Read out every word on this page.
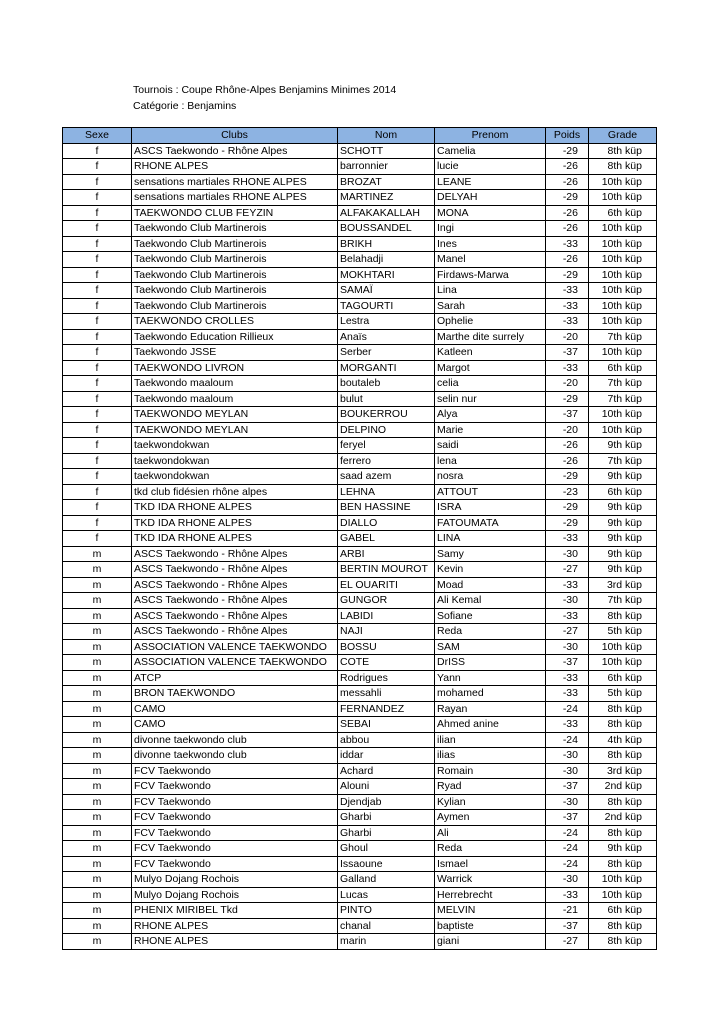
Tournois : Coupe Rhône-Alpes Benjamins Minimes 2014
Catégorie : Benjamins
Sexe	Clubs	Nom	Prenom	Poids	Grade
f	ASCS Taekwondo - Rhône Alpes	SCHOTT	Camelia	-29	8th küp
f	RHONE ALPES	barronnier	lucie	-26	8th küp
f	sensations martiales RHONE ALPES	BROZAT	LEANE	-26	10th küp
f	sensations martiales RHONE ALPES	MARTINEZ	DELYAH	-29	10th küp
f	TAEKWONDO CLUB FEYZIN	ALFAKAKALLAH	MONA	-26	6th küp
f	Taekwondo Club Martinerois	BOUSSANDEL	Ingi	-26	10th küp
f	Taekwondo Club Martinerois	BRIKH	Ines	-33	10th küp
f	Taekwondo Club Martinerois	Belahadji	Manel	-26	10th küp
f	Taekwondo Club Martinerois	MOKHTARI	Firdaws-Marwa	-29	10th küp
f	Taekwondo Club Martinerois	SAMAÏ	Lina	-33	10th küp
f	Taekwondo Club Martinerois	TAGOURTI	Sarah	-33	10th küp
f	TAEKWONDO CROLLES	Lestra	Ophelie	-33	10th küp
f	Taekwondo Education Rillieux	Anaïs	Marthe dite surrely	-20	7th küp
f	Taekwondo JSSE	Serber	Katleen	-37	10th küp
f	TAEKWONDO LIVRON	MORGANTI	Margot	-33	6th küp
f	Taekwondo maaloum	boutaleb	celia	-20	7th küp
f	Taekwondo maaloum	bulut	selin nur	-29	7th küp
f	TAEKWONDO MEYLAN	BOUKERROU	Alya	-37	10th küp
f	TAEKWONDO MEYLAN	DELPINO	Marie	-20	10th küp
f	taekwondokwan	feryel	saidi	-26	9th küp
f	taekwondokwan	ferrero	lena	-26	7th küp
f	taekwondokwan	saad azem	nosra	-29	9th küp
f	tkd club fidésien rhône alpes	LEHNA	ATTOUT	-23	6th küp
f	TKD IDA RHONE ALPES	BEN HASSINE	ISRA	-29	9th küp
f	TKD IDA RHONE ALPES	DIALLO	FATOUMATA	-29	9th küp
f	TKD IDA RHONE ALPES	GABEL	LINA	-33	9th küp
m	ASCS Taekwondo - Rhône Alpes	ARBI	Samy	-30	9th küp
m	ASCS Taekwondo - Rhône Alpes	BERTIN MOUROT	Kevin	-27	9th küp
m	ASCS Taekwondo - Rhône Alpes	EL OUARITI	Moad	-33	3rd küp
m	ASCS Taekwondo - Rhône Alpes	GUNGOR	Ali Kemal	-30	7th küp
m	ASCS Taekwondo - Rhône Alpes	LABIDI	Sofiane	-33	8th küp
m	ASCS Taekwondo - Rhône Alpes	NAJI	Reda	-27	5th küp
m	ASSOCIATION VALENCE TAEKWONDO	BOSSU	SAM	-30	10th küp
m	ASSOCIATION VALENCE TAEKWONDO	COTE	DrISS	-37	10th küp
m	ATCP	Rodrigues	Yann	-33	6th küp
m	BRON TAEKWONDO	messahli	mohamed	-33	5th küp
m	CAMO	FERNANDEZ	Rayan	-24	8th küp
m	CAMO	SEBAI	Ahmed anine	-33	8th küp
m	divonne taekwondo club	abbou	ilian	-24	4th küp
m	divonne taekwondo club	iddar	ilias	-30	8th küp
m	FCV Taekwondo	Achard	Romain	-30	3rd küp
m	FCV Taekwondo	Alouni	Ryad	-37	2nd küp
m	FCV Taekwondo	Djendjab	Kylian	-30	8th küp
m	FCV Taekwondo	Gharbi	Aymen	-37	2nd küp
m	FCV Taekwondo	Gharbi	Ali	-24	8th küp
m	FCV Taekwondo	Ghoul	Reda	-24	9th küp
m	FCV Taekwondo	Issaoune	Ismael	-24	8th küp
m	Mulyo Dojang Rochois	Galland	Warrick	-30	10th küp
m	Mulyo Dojang Rochois	Lucas	Herrebrecht	-33	10th küp
m	PHENIX MIRIBEL Tkd	PINTO	MELVIN	-21	6th küp
m	RHONE ALPES	chanal	baptiste	-37	8th küp
m	RHONE ALPES	marin	giani	-27	8th küp
